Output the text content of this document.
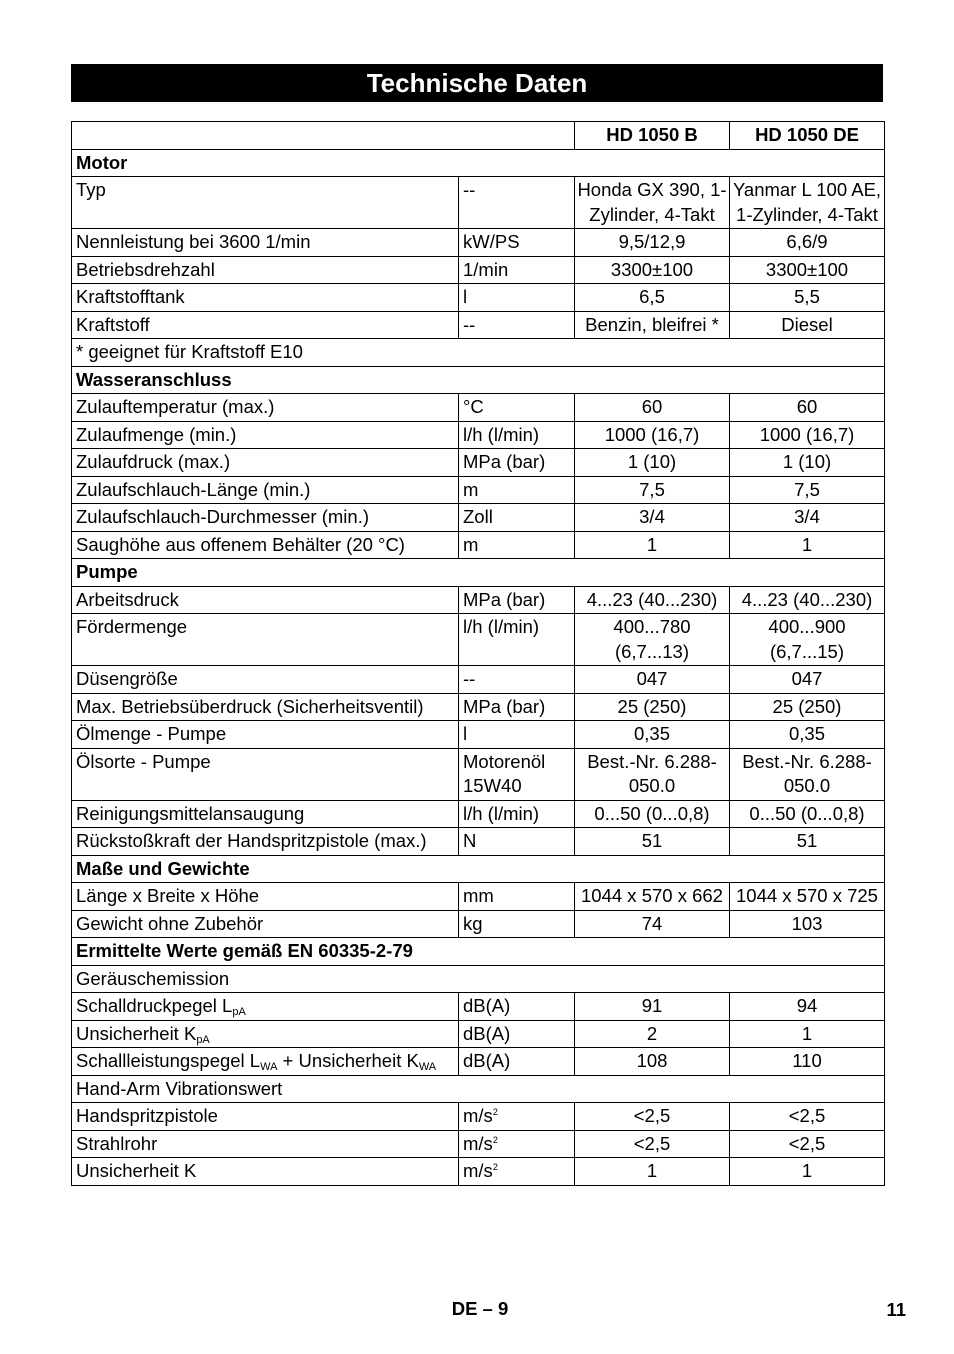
Technische Daten
		HD 1050 B	HD 1050 DE
Motor			
Typ	--	Honda GX 390, 1-Zylinder, 4-Takt	Yanmar L 100 AE, 1-Zylinder, 4-Takt
Nennleistung bei 3600 1/min	kW/PS	9,5/12,9	6,6/9
Betriebsdrehzahl	1/min	3300±100	3300±100
Kraftstofftank	l	6,5	5,5
Kraftstoff	--	Benzin, bleifrei *	Diesel
* geeignet für Kraftstoff E10			
Wasseranschluss			
Zulauftemperatur (max.)	°C	60	60
Zulaufmenge (min.)	l/h (l/min)	1000 (16,7)	1000 (16,7)
Zulaufdruck (max.)	MPa (bar)	1 (10)	1 (10)
Zulaufschlauch-Länge (min.)	m	7,5	7,5
Zulaufschlauch-Durchmesser (min.)	Zoll	3/4	3/4
Saughöhe aus offenem Behälter (20 °C)	m	1	1
Pumpe			
Arbeitsdruck	MPa (bar)	4...23 (40...230)	4...23 (40...230)
Fördermenge	l/h (l/min)	400...780 (6,7...13)	400...900 (6,7...15)
Düsengröße	--	047	047
Max. Betriebsüberdruck (Sicherheitsventil)	MPa (bar)	25 (250)	25 (250)
Ölmenge - Pumpe	l	0,35	0,35
Ölsorte - Pumpe	Motorenöl 15W40	Best.-Nr. 6.288-050.0	Best.-Nr. 6.288-050.0
Reinigungsmittelansaugung	l/h (l/min)	0...50 (0...0,8)	0...50 (0...0,8)
Rückstoßkraft der Handspritzpistole (max.)	N	51	51
Maße und Gewichte			
Länge x Breite x Höhe	mm	1044 x 570 x 662	1044 x 570 x 725
Gewicht ohne Zubehör	kg	74	103
Ermittelte Werte gemäß EN 60335-2-79			
Geräuschemission			
Schalldruckpegel $L_{pA}$	dB(A)	91	94
Unsicherheit $K_{pA}$	dB(A)	2	1
Schallleistungspegel $L_{WA}$ + Unsicherheit $K_{WA}$	dB(A)	108	110
Hand-Arm Vibrationswert			
Handspritzpistole	$m/s^2$	<2,5	<2,5
Strahlrohr	$m/s^2$	<2,5	<2,5
Unsicherheit K	$m/s^2$	1	1
DE – 9	11
